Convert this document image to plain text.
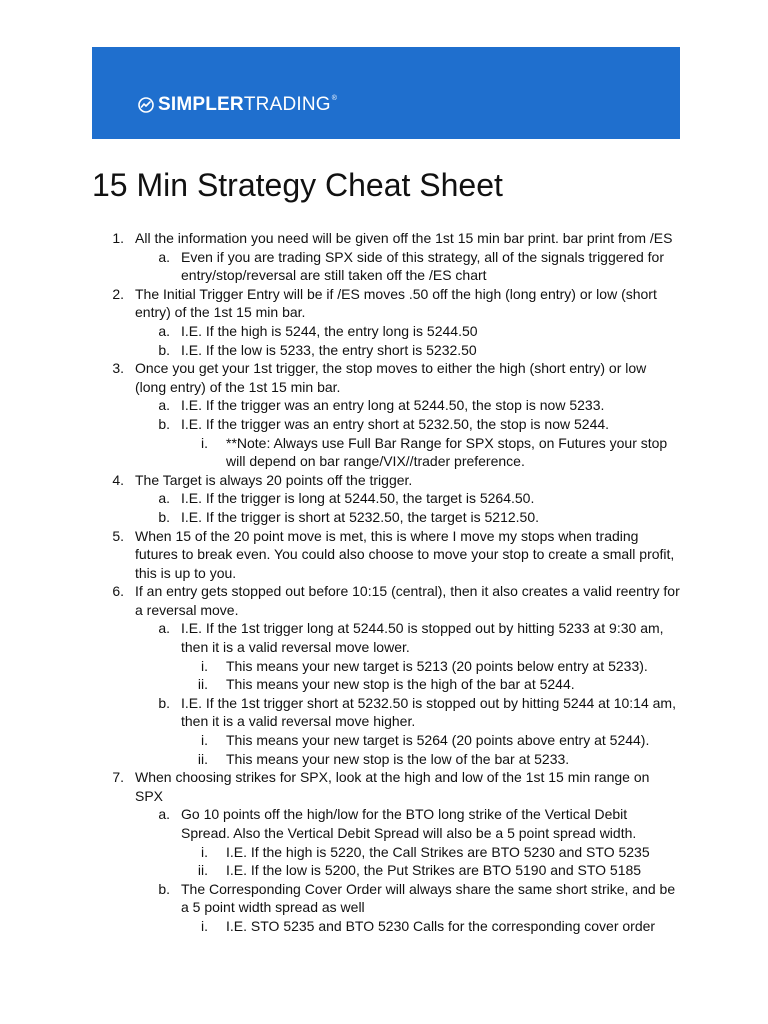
SIMPLERTRADING®
15 Min Strategy Cheat Sheet
1. All the information you need will be given off the 1st 15 min bar print. bar print from /ES
a. Even if you are trading SPX side of this strategy, all of the signals triggered for entry/stop/reversal are still taken off the /ES chart
2. The Initial Trigger Entry will be if /ES moves .50 off the high (long entry) or low (short entry) of the 1st 15 min bar.
a. I.E. If the high is 5244, the entry long is 5244.50
b. I.E. If the low is 5233, the entry short is 5232.50
3. Once you get your 1st trigger, the stop moves to either the high (short entry) or low (long entry) of the 1st 15 min bar.
a. I.E. If the trigger was an entry long at 5244.50, the stop is now 5233.
b. I.E. If the trigger was an entry short at 5232.50, the stop is now 5244.
i. **Note: Always use Full Bar Range for SPX stops, on Futures your stop will depend on bar range/VIX//trader preference.
4. The Target is always 20 points off the trigger.
a. I.E. If the trigger is long at 5244.50, the target is 5264.50.
b. I.E. If the trigger is short at 5232.50, the target is 5212.50.
5. When 15 of the 20 point move is met, this is where I move my stops when trading futures to break even. You could also choose to move your stop to create a small profit, this is up to you.
6. If an entry gets stopped out before 10:15 (central), then it also creates a valid reentry for a reversal move.
a. I.E. If the 1st trigger long at 5244.50 is stopped out by hitting 5233 at 9:30 am, then it is a valid reversal move lower.
i. This means your new target is 5213 (20 points below entry at 5233).
ii. This means your new stop is the high of the bar at 5244.
b. I.E. If the 1st trigger short at 5232.50 is stopped out by hitting 5244 at 10:14 am, then it is a valid reversal move higher.
i. This means your new target is 5264 (20 points above entry at 5244).
ii. This means your new stop is the low of the bar at 5233.
7. When choosing strikes for SPX, look at the high and low of the 1st 15 min range on SPX
a. Go 10 points off the high/low for the BTO long strike of the Vertical Debit Spread. Also the Vertical Debit Spread will also be a 5 point spread width.
i. I.E. If the high is 5220, the Call Strikes are BTO 5230 and STO 5235
ii. I.E. If the low is 5200, the Put Strikes are BTO 5190 and STO 5185
b. The Corresponding Cover Order will always share the same short strike, and be a 5 point width spread as well
i. I.E. STO 5235 and BTO 5230 Calls for the corresponding cover order
